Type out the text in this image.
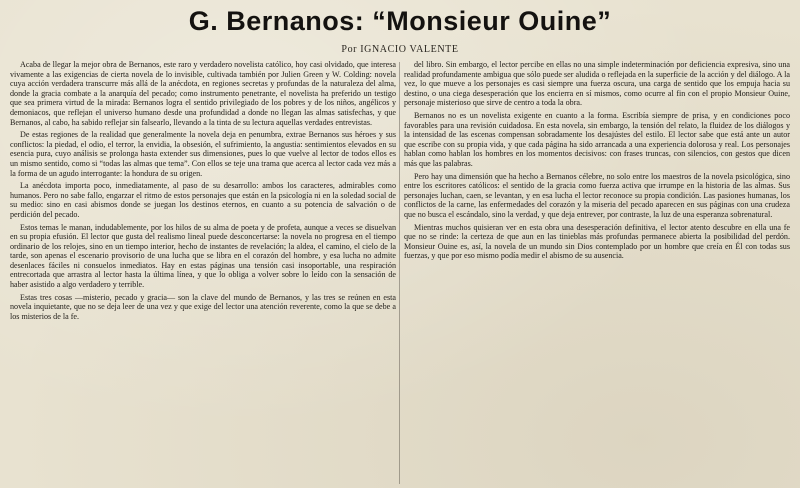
G. Bernanos: “Monsieur Ouine”
Por IGNACIO VALENTE

Acaba de llegar la mejor obra de Bernanos, este raro y verdadero novelista católico, hoy casi olvidado, que interesa vivamente a las exigencias de cierta novela de lo invisible, cultivada también por Julien Green y W. Colding: novela cuya acción verdadera transcurre más allá de la anécdota, en regiones secretas y profundas de la naturaleza del alma, donde la gracia combate a la anarquía del pecado; como instrumento penetrante, el novelista ha preferido un testigo que sea primera virtud de la mirada: Bernanos logra el sentido privilegiado de los pobres y de los niños, angélicos y demoniacos, que reflejan el universo humano desde una profundidad a donde no llegan las almas satisfechas, y que Bernanos, al cabo, ha sabido reflejar sin falsearlo, llevando a la tinta de su lectura aquellas verdades entrevistas.

De estas regiones de la realidad que generalmente la novela deja en penumbra, extrae Bernanos sus héroes y sus conflictos: la piedad, el odio, el terror, la envidia, la obsesión, el sufrimiento, la angustia: sentimientos elevados en su esencia pura, cuyo análisis se prolonga hasta extender sus dimensiones, pues lo que vuelve al lector de todos ellos es un mismo sentido, como si “todas las almas que tema”. Con ellos se teje una trama que acerca al lector cada vez más a la forma de un agudo interrogante: la hondura de su origen.

La anécdota importa poco, inmediatamente, al paso de su desarrollo: ambos los caracteres, admirables como humanos. Pero no sabe fallo, engarzar el ritmo de estos personajes que están en la psicología ni en la soledad social de su medio: sino en casi abismos donde se juegan los destinos eternos, en cuanto a su potencia de salvación o de perdición del pecado.

Estos temas le manan, indudablemente, por los hilos de su alma de poeta y de profeta, aunque a veces se disuelvan en su propia efusión. El lector que gusta del realismo lineal puede desconcertarse: la novela no progresa en el tiempo ordinario de los relojes, sino en un tiempo interior, hecho de instantes de revelación; la aldea, el camino, el cielo de la tarde, son apenas el escenario provisorio de una lucha que se libra en el corazón del hombre, y esa lucha no admite desenlaces fáciles ni consuelos inmediatos. Hay en estas páginas una tensión casi insoportable, una respiración entrecortada que arrastra al lector hasta la última línea, y que lo obliga a volver sobre lo leído con la sensación de haber asistido a algo verdadero y terrible.

Estas tres cosas —misterio, pecado y gracia— son la clave del mundo de Bernanos, y las tres se reúnen en esta novela inquietante, que no se deja leer de una vez y que exige del lector una atención reverente, como la que se debe a los misterios de la fe.

del libro. Sin embargo, el lector percibe en ellas no una simple indeterminación por deficiencia expresiva, sino una realidad profundamente ambigua que sólo puede ser aludida o reflejada en la superficie de la acción y del diálogo. A la vez, lo que mueve a los personajes es casi siempre una fuerza oscura, una carga de sentido que los empuja hacia su destino, o una ciega desesperación que los encierra en sí mismos, como ocurre al fin con el propio Monsieur Ouine, personaje misterioso que sirve de centro a toda la obra.

Bernanos no es un novelista exigente en cuanto a la forma. Escribía siempre de prisa, y en condiciones poco favorables para una revisión cuidadosa. En esta novela, sin embargo, la tensión del relato, la fluidez de los diálogos y la intensidad de las escenas compensan sobradamente los desajústes del estilo. El lector sabe que está ante un autor que escribe con su propia vida, y que cada página ha sido arrancada a una experiencia dolorosa y real. Los personajes hablan como hablan los hombres en los momentos decisivos: con frases truncas, con silencios, con gestos que dicen más que las palabras.

Pero hay una dimensión que ha hecho a Bernanos célebre, no solo entre los maestros de la novela psicológica, sino entre los escritores católicos: el sentido de la gracia como fuerza activa que irrumpe en la historia de las almas. Sus personajes luchan, caen, se levantan, y en esa lucha el lector reconoce su propia condición. Las pasiones humanas, los conflictos de la carne, las enfermedades del corazón y la miseria del pecado aparecen en sus páginas con una crudeza que no busca el escándalo, sino la verdad, y que deja entrever, por contraste, la luz de una esperanza sobrenatural.

Mientras muchos quisieran ver en esta obra una desesperación definitiva, el lector atento descubre en ella una fe que no se rinde: la certeza de que aun en las tinieblas más profundas permanece abierta la posibilidad del perdón. Monsieur Ouine es, así, la novela de un mundo sin Dios contemplado por un hombre que creía en Él con todas sus fuerzas, y que por eso mismo podía medir el abismo de su ausencia.
